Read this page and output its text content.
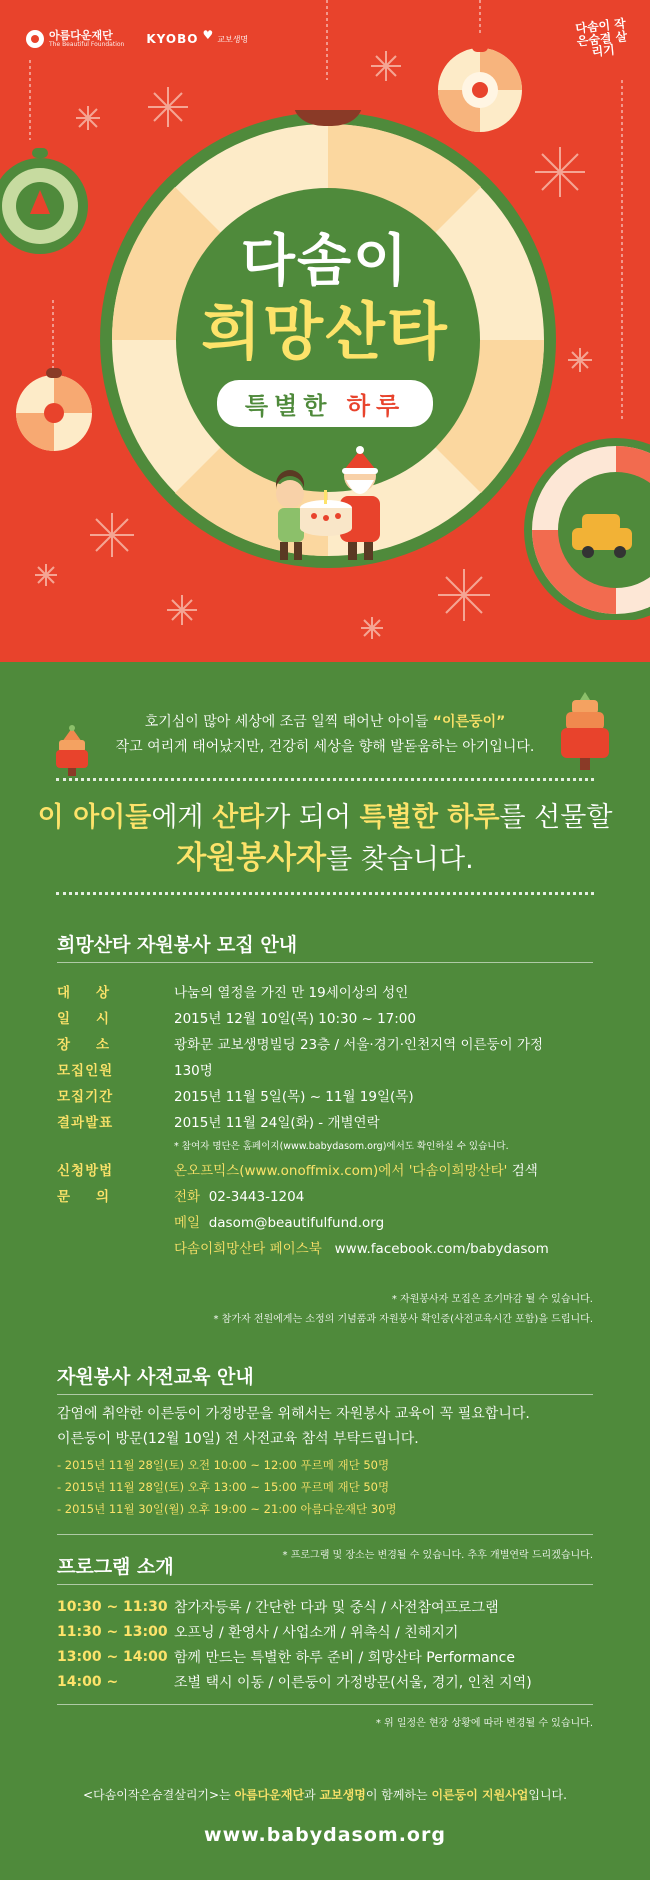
아름다운재단
The Beautiful Foundation KYOBO ♥ 교보생명
다솜이 작은숨결 살리기
다솜이
희망산타
특별한 하루
호기심이 많아 세상에 조금 일찍 태어난 아이들 “이른둥이”
작고 여리게 태어났지만, 건강히 세상을 향해 발돋움하는 아기입니다.
이 아이들에게 산타가 되어 특별한 하루를 선물할
자원봉사자를 찾습니다.
희망산타 자원봉사 모집 안내
대상	나눔의 열정을 가진 만 19세이상의 성인
일시	2015년 12월 10일(목) 10:30 ~ 17:00
장소	광화문 교보생명빌딩 23층 / 서울·경기·인천지역 이른둥이 가정
모집인원	130명
모집기간	2015년 11월 5일(목) ~ 11월 19일(목)
결과발표	2015년 11월 24일(화) - 개별연락
* 참여자 명단은 홈페이지(www.babydasom.org)에서도 확인하실 수 있습니다.
신청방법	온오프믹스(www.onoffmix.com)에서 '다솜이희망산타' 검색
문의	전화 02-3443-1204
메일 dasom@beautifulfund.org
다솜이희망산타 페이스북 www.facebook.com/babydasom
* 자원봉사자 모집은 조기마감 될 수 있습니다.
* 참가자 전원에게는 소정의 기념품과 자원봉사 확인증(사전교육시간 포함)을 드립니다.
자원봉사 사전교육 안내
감염에 취약한 이른둥이 가정방문을 위해서는 자원봉사 교육이 꼭 필요합니다.
이른둥이 방문(12월 10일) 전 사전교육 참석 부탁드립니다.
- 2015년 11월 28일(토) 오전 10:00 ~ 12:00 푸르메 재단 50명
- 2015년 11월 28일(토) 오후 13:00 ~ 15:00 푸르메 재단 50명
- 2015년 11월 30일(월) 오후 19:00 ~ 21:00 아름다운재단 30명
프로그램 소개
* 프로그램 및 장소는 변경될 수 있습니다. 추후 개별연락 드리겠습니다.
10:30 ~ 11:30 참가자등록 / 간단한 다과 및 중식 / 사전참여프로그램
11:30 ~ 13:00 오프닝 / 환영사 / 사업소개 / 위촉식 / 친해지기
13:00 ~ 14:00 함께 만드는 특별한 하루 준비 / 희망산타 Performance
14:00 ~	조별 택시 이동 / 이른둥이 가정방문(서울, 경기, 인천 지역)
* 위 일정은 현장 상황에 따라 변경될 수 있습니다.
<다솜이작은숨결살리기>는 아름다운재단과 교보생명이 함께하는 이른둥이 지원사업입니다.
www.babydasom.org
